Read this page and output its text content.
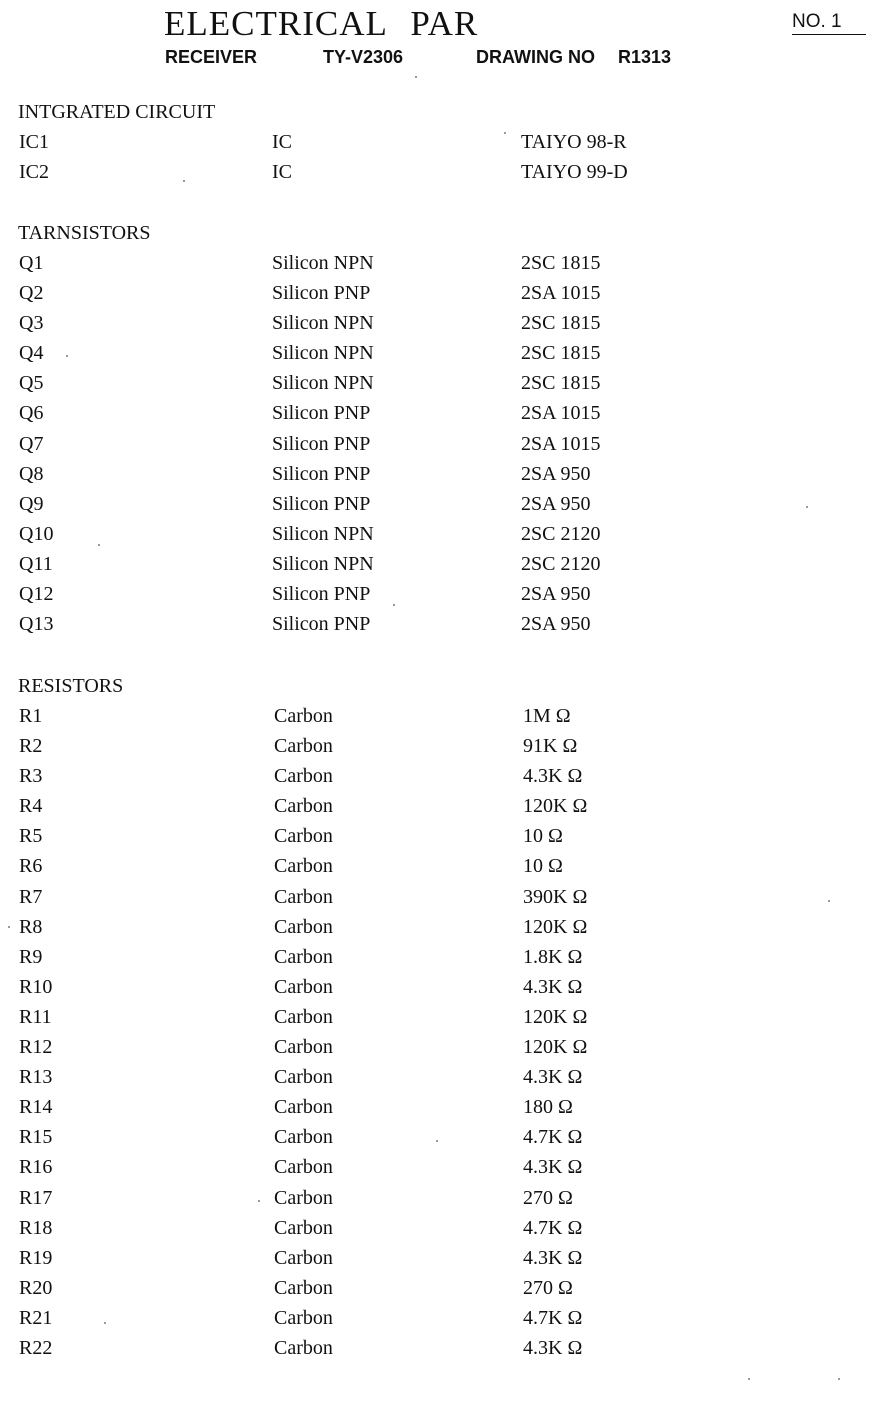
ELECTRICAL PAR	NO. 1
RECEIVER	TY-V2306	DRAWING NO R1313
INTGRATED CIRCUIT
IC1	IC	TAIYO 98-R
IC2	IC	TAIYO 99-D
TARNSISTORS
Q1	Silicon NPN	2SC 1815
Q2	Silicon PNP	2SA 1015
Q3	Silicon NPN	2SC 1815
Q4	Silicon NPN	2SC 1815
Q5	Silicon NPN	2SC 1815
Q6	Silicon PNP	2SA 1015
Q7	Silicon PNP	2SA 1015
Q8	Silicon PNP	2SA 950
Q9	Silicon PNP	2SA 950
Q10	Silicon NPN	2SC 2120
Q11	Silicon NPN	2SC 2120
Q12	Silicon PNP	2SA 950
Q13	Silicon PNP	2SA 950
RESISTORS
R1	Carbon	1M Ω
R2	Carbon	91K Ω
R3	Carbon	4.3K Ω
R4	Carbon	120K Ω
R5	Carbon	10 Ω
R6	Carbon	10 Ω
R7	Carbon	390K Ω
R8	Carbon	120K Ω
R9	Carbon	1.8K Ω
R10	Carbon	4.3K Ω
R11	Carbon	120K Ω
R12	Carbon	120K Ω
R13	Carbon	4.3K Ω
R14	Carbon	180 Ω
R15	Carbon	4.7K Ω
R16	Carbon	4.3K Ω
R17	Carbon	270 Ω
R18	Carbon	4.7K Ω
R19	Carbon	4.3K Ω
R20	Carbon	270 Ω
R21	Carbon	4.7K Ω
R22	Carbon	4.3K Ω
